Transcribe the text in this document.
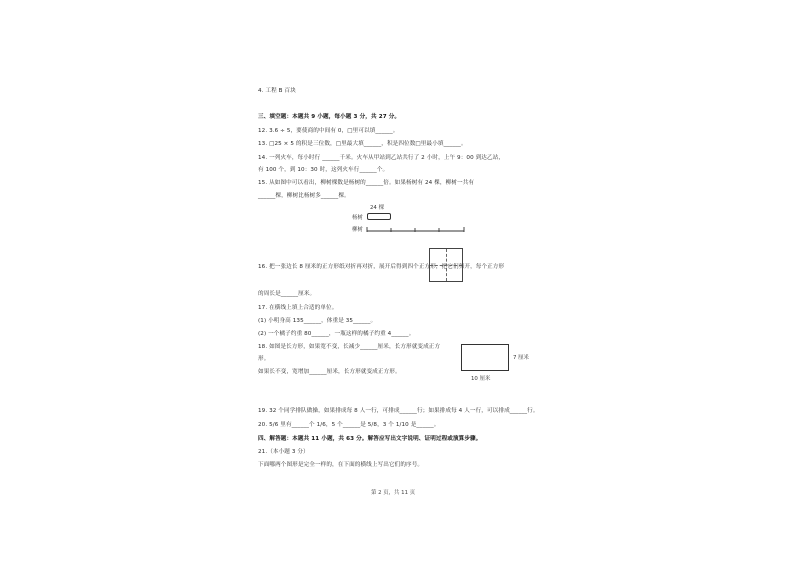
4. 工程 B 百块
三、填空题：本题共 9 小题，每小题 3 分，共 27 分。
12. 3.6 ÷ 5，要使商的中间有 0，□里可以填______。
13. □25 × 5 的积是三位数，□里最大填______，积是四位数□里最小填______。
14. 一列火车，每小时行 ______千米。火车从甲站到乙站共行了 2 小时，上午 9：00 到达乙站，
有 100 个，到 10：30 时，这列火车行______个。
15. 从如图中可以看出，柳树棵数是杨树的______倍。如果杨树有 24 棵，柳树一共有
______棵，柳树比杨树多______棵。
24 棵
杨树
柳树
16. 把一张边长 8 厘米的正方形纸对折再对折，展开后得到四个正方形，把它们剪开，每个正方形
的周长是______厘米。
17. 在横线上填上合适的单位。
(1) 小明身高 135______，体重是 35______。
(2) 一个橘子约重 80______，一瓶这样的橘子约重 4______。
18. 如图是长方形，如果宽不变，长减少______厘米，长方形就变成正方
形。
如果长不变，宽增加______厘米，长方形就变成正方形。
7 厘米
10 厘米
19. 32 个同学排队做操，如果排成每 8 人一行，可排成______行；如果排成每 4 人一行，可以排成______行。
20. 5/6 里有______个 1/6，5 个______是 5/8，3 个 1/10 是______。
四、解答题：本题共 11 小题，共 63 分。解答应写出文字说明、证明过程或演算步骤。
21.（本小题 3 分）
下面哪两个图形是完全一样的，在下面的横线上写出它们的序号。
第 2 页，共 11 页
